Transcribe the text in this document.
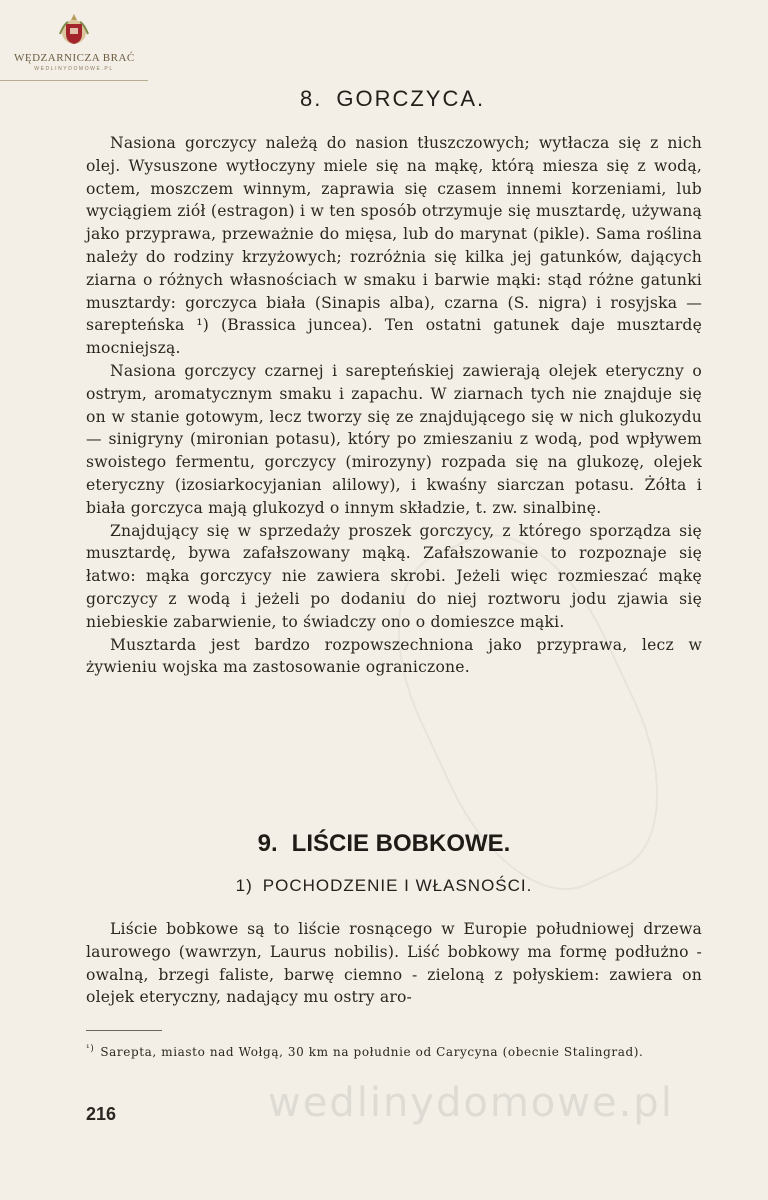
WĘDZARNICZA BRAĆ
WEDLINYDOMOWE.PL
8. GORCZYCA.

Nasiona gorczycy należą do nasion tłuszczowych; wytłacza się z nich olej. Wysuszone wytłoczyny miele się na mąkę, którą miesza się z wodą, octem, moszczem winnym, zaprawia się czasem innemi korzeniami, lub wyciągiem ziół (estragon) i w ten sposób otrzymuje się musztardę, używaną jako przyprawa, przeważnie do mięsa, lub do marynat (pikle). Sama roślina należy do rodziny krzyżowych; rozróżnia się kilka jej gatunków, dających ziarna o różnych własnościach w smaku i barwie mąki: stąd różne gatunki musztardy: gorczyca biała (Sinapis alba), czarna (S. nigra) i rosyjska — sarepteńska ¹) (Brassica juncea). Ten ostatni gatunek daje musztardę mocniejszą.

Nasiona gorczycy czarnej i sarepteńskiej zawierają olejek eteryczny o ostrym, aromatycznym smaku i zapachu. W ziarnach tych nie znajduje się on w stanie gotowym, lecz tworzy się ze znajdującego się w nich glukozydu — sinigryny (mironian potasu), który po zmieszaniu z wodą, pod wpływem swoistego fermentu, gorczycy (mirozyny) rozpada się na glukozę, olejek eteryczny (izosiarkocyjanian alilowy), i kwaśny siarczan potasu. Żółta i biała gorczyca mają glukozyd o innym składzie, t. zw. sinalbinę.

Znajdujący się w sprzedaży proszek gorczycy, z którego sporządza się musztardę, bywa zafałszowany mąką. Zafałszowanie to rozpoznaje się łatwo: mąka gorczycy nie zawiera skrobi. Jeżeli więc rozmieszać mąkę gorczycy z wodą i jeżeli po dodaniu do niej roztworu jodu zjawia się niebieskie zabarwienie, to świadczy ono o domieszce mąki.

Musztarda jest bardzo rozpowszechniona jako przyprawa, lecz w żywieniu wojska ma zastosowanie ograniczone.

9. LIŚCIE BOBKOWE.
1) POCHODZENIE I WŁASNOŚCI.

Liście bobkowe są to liście rosnącego w Europie południowej drzewa laurowego (wawrzyn, Laurus nobilis). Liść bobkowy ma formę podłużno - owalną, brzegi faliste, barwę ciemno - zieloną z połyskiem: zawiera on olejek eteryczny, nadający mu ostry aro-

$^{^1)}$ Sarepta, miasto nad Wołgą, 30 km na południe od Carycyna (obecnie Stalingrad).
216	wedlinydomowe.pl
